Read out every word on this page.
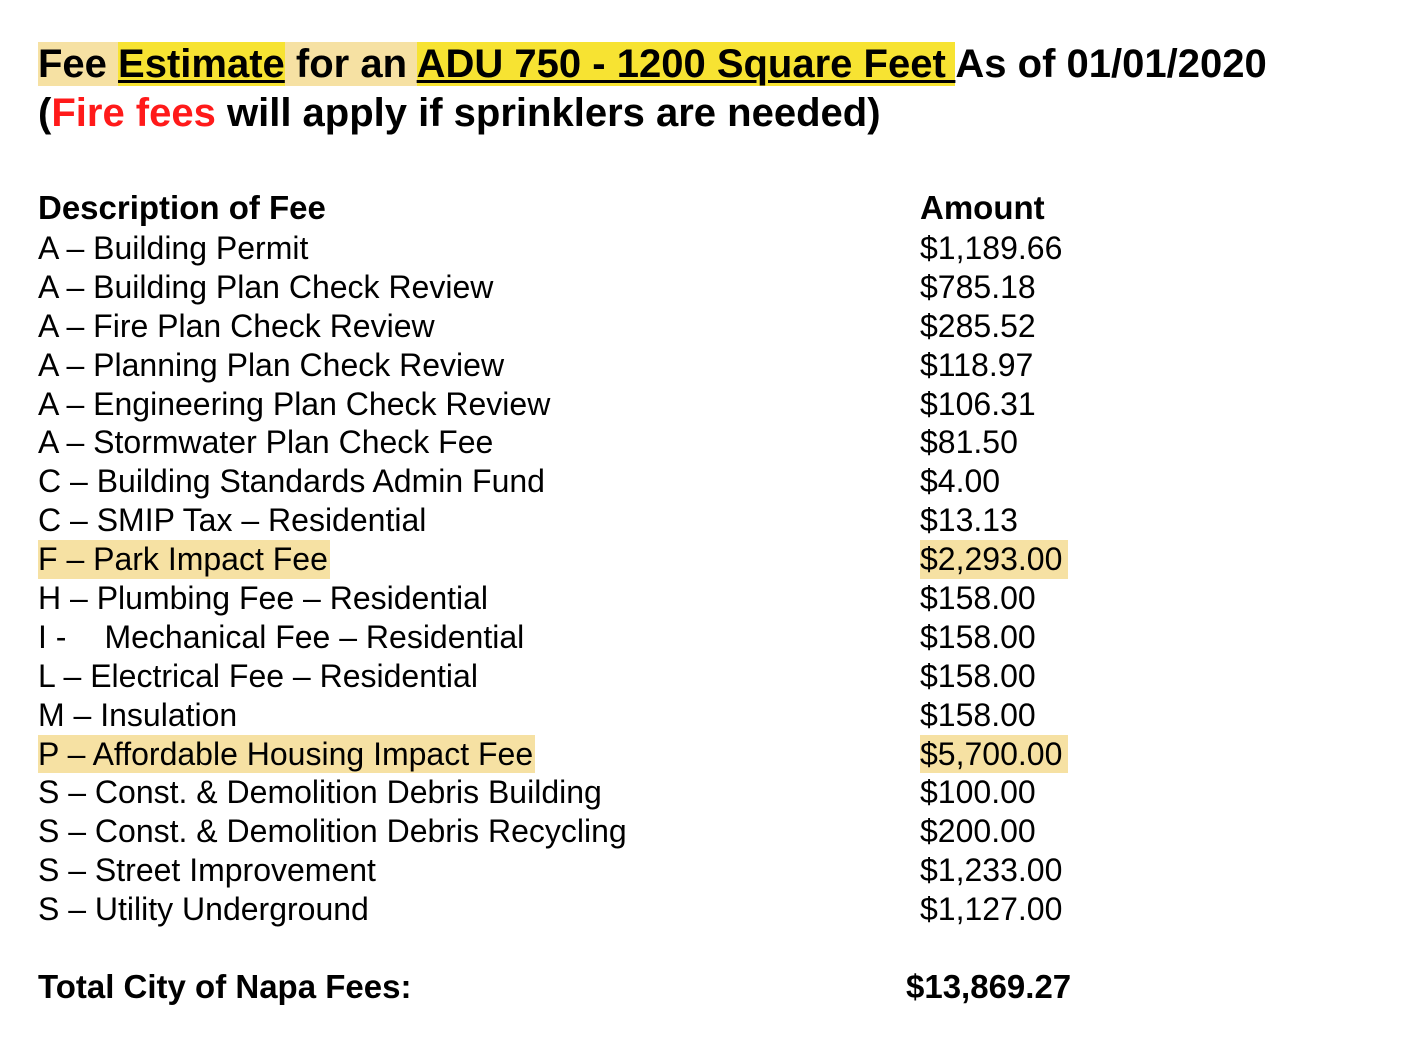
Fee Estimate for an ADU 750 - 1200 Square Feet As of 01/01/2020
(Fire fees will apply if sprinklers are needed)
Description of Fee	Amount
A – Building Permit	$1,189.66
A – Building Plan Check Review	$785.18
A – Fire Plan Check Review	$285.52
A – Planning Plan Check Review	$118.97
A – Engineering Plan Check Review	$106.31
A – Stormwater Plan Check Fee	$81.50
C – Building Standards Admin Fund	$4.00
C – SMIP Tax – Residential	$13.13
F – Park Impact Fee	$2,293.00
H – Plumbing Fee – Residential	$158.00
I - Mechanical Fee – Residential	$158.00
L – Electrical Fee – Residential	$158.00
M – Insulation	$158.00
P – Affordable Housing Impact Fee	$5,700.00
S – Const. & Demolition Debris Building	$100.00
S – Const. & Demolition Debris Recycling	$200.00
S – Street Improvement	$1,233.00
S – Utility Underground	$1,127.00
Total City of Napa Fees:	$13,869.27
